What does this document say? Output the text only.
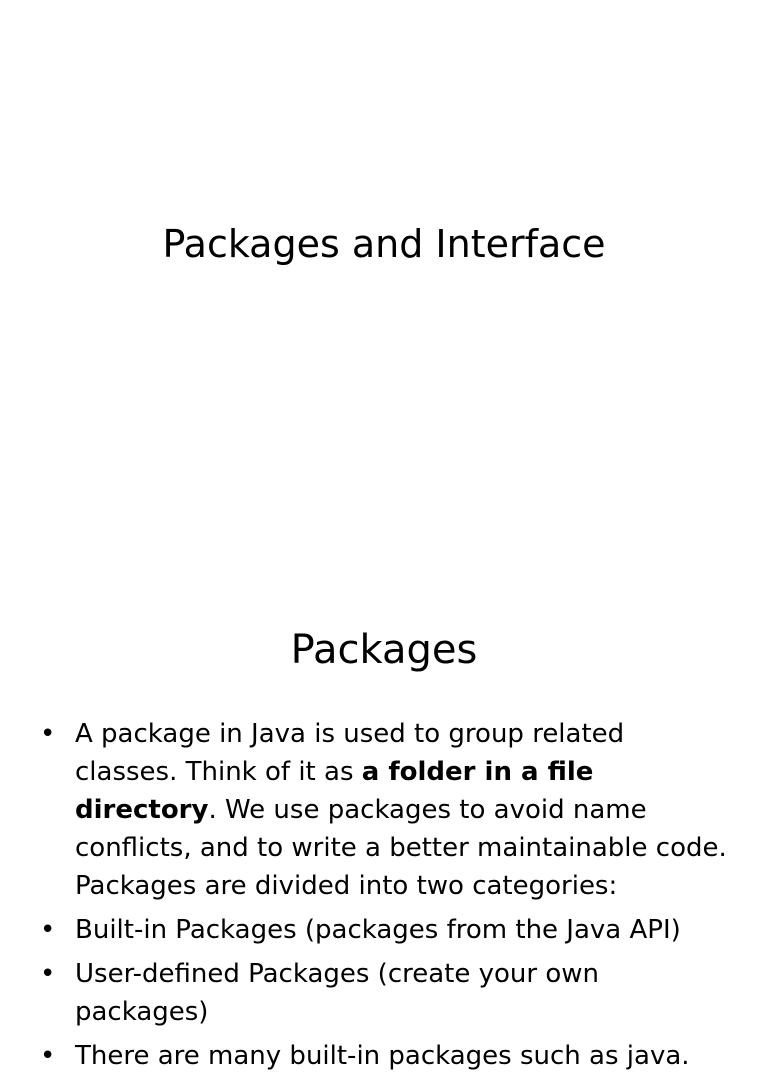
Packages and Interface
Packages
• A package in Java is used to group related classes. Think of it as a folder in a file directory. We use packages to avoid name conflicts, and to write a better maintainable code. Packages are divided into two categories:
• Built-in Packages (packages from the Java API)
• User-defined Packages (create your own packages)
• There are many built-in packages such as java.
